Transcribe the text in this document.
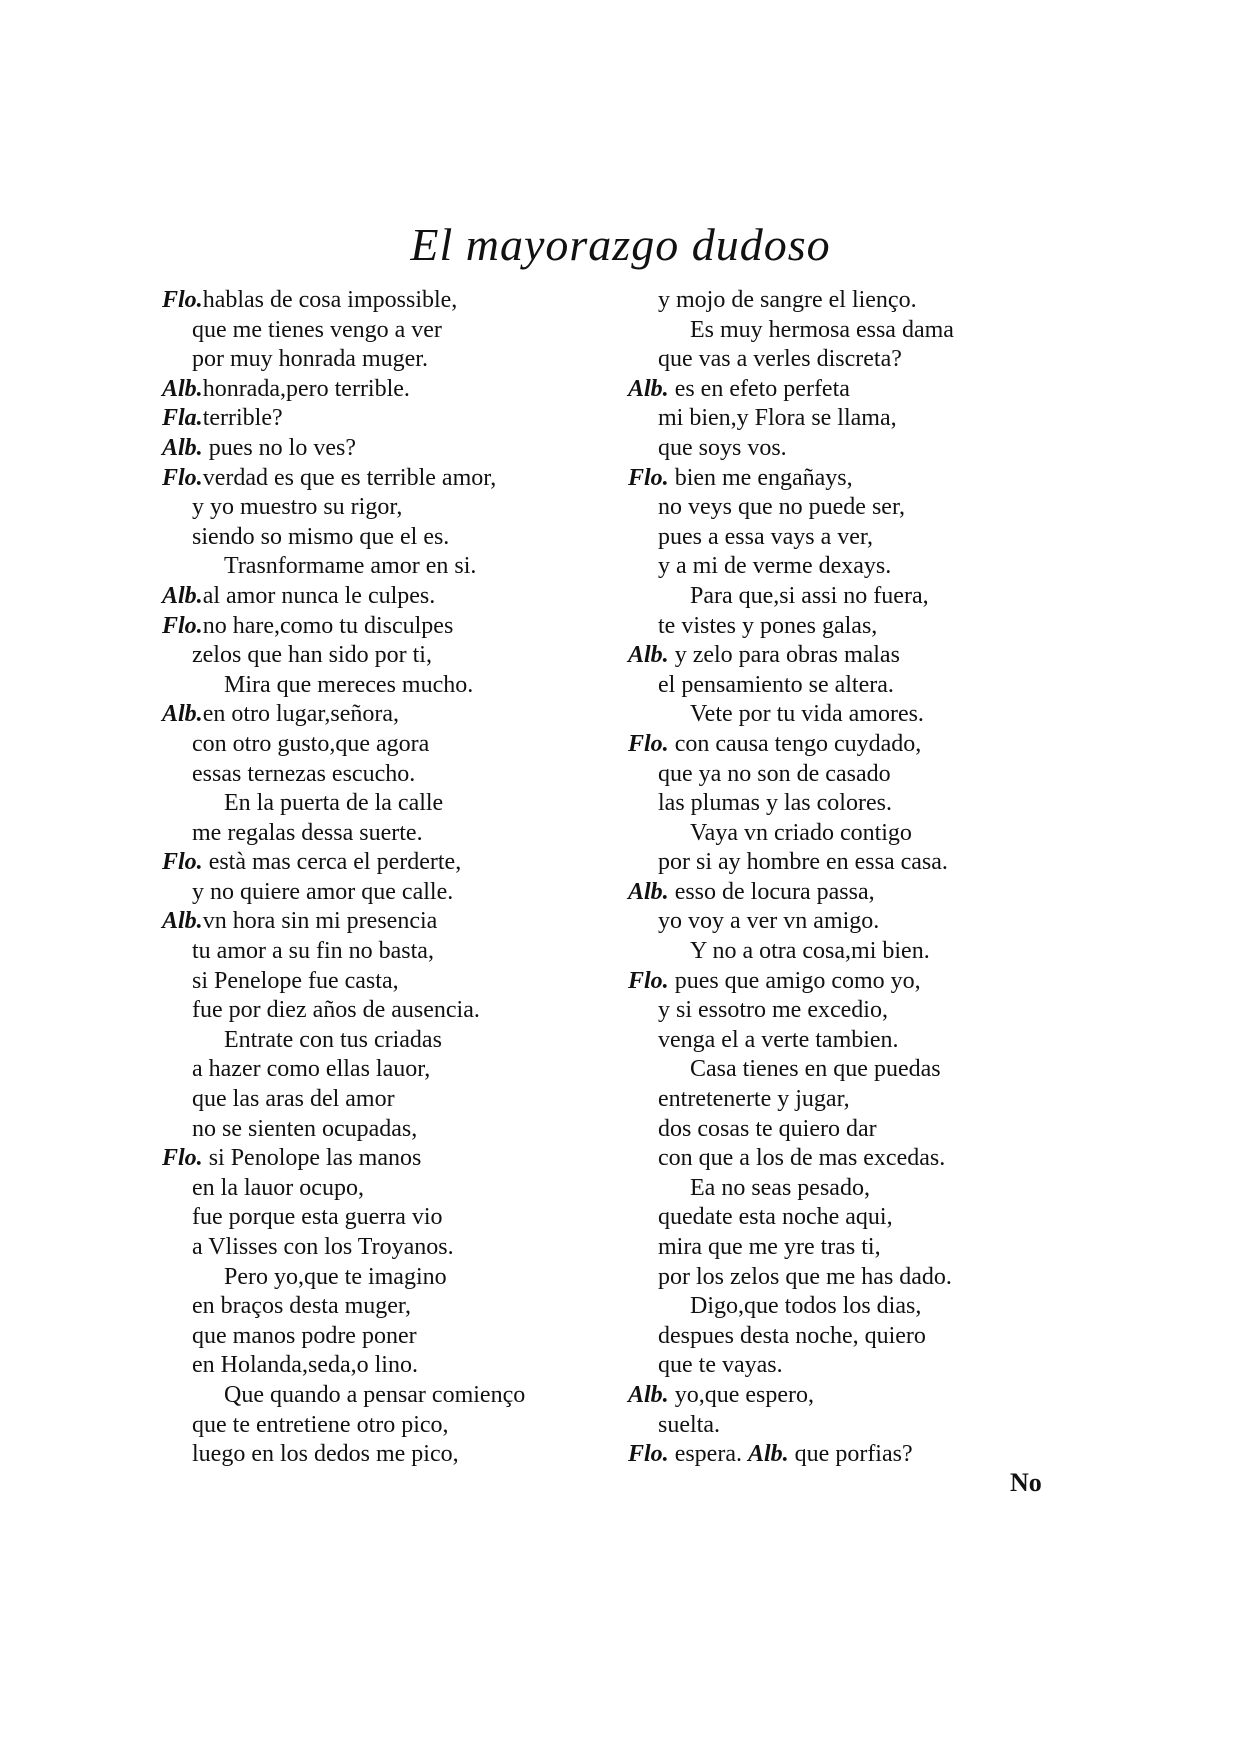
El mayorazgo dudoso
Flo.hablas de cosa impossible,
que me tienes vengo a ver
por muy honrada muger.
Alb.honrada,pero terrible.
Fla.terrible?
Alb. pues no lo ves?
Flo.verdad es que es terrible amor,
y yo muestro su rigor,
siendo so mismo que el es.
Trasnformame amor en si.
Alb.al amor nunca le culpes.
Flo.no hare,como tu disculpes
zelos que han sido por ti,
Mira que mereces mucho.
Alb.en otro lugar,señora,
con otro gusto,que agora
essas ternezas escucho.
En la puerta de la calle
me regalas dessa suerte.
Flo. està mas cerca el perderte,
y no quiere amor que calle.
Alb.vn hora sin mi presencia
tu amor a su fin no basta,
si Penelope fue casta,
fue por diez años de ausencia.
Entrate con tus criadas
a hazer como ellas lauor,
que las aras del amor
no se sienten ocupadas,
Flo. si Penolope las manos
en la lauor ocupo,
fue porque esta guerra vio
a Vlisses con los Troyanos.
Pero yo,que te imagino
en braços desta muger,
que manos podre poner
en Holanda,seda,o lino.
Que quando a pensar comienço
que te entretiene otro pico,
luego en los dedos me pico,
y mojo de sangre el lienço.
Es muy hermosa essa dama
que vas a verles discreta?
Alb. es en efeto perfeta
mi bien,y Flora se llama,
que soys vos.
Flo. bien me engañays,
no veys que no puede ser,
pues a essa vays a ver,
y a mi de verme dexays.
Para que,si assi no fuera,
te vistes y pones galas,
Alb. y zelo para obras malas
el pensamiento se altera.
Vete por tu vida amores.
Flo. con causa tengo cuydado,
que ya no son de casado
las plumas y las colores.
Vaya vn criado contigo
por si ay hombre en essa casa.
Alb. esso de locura passa,
yo voy a ver vn amigo.
Y no a otra cosa,mi bien.
Flo. pues que amigo como yo,
y si essotro me excedio,
venga el a verte tambien.
Casa tienes en que puedas
entretenerte y jugar,
dos cosas te quiero dar
con que a los de mas excedas.
Ea no seas pesado,
quedate esta noche aqui,
mira que me yre tras ti,
por los zelos que me has dado.
Digo,que todos los dias,
despues desta noche, quiero
que te vayas.
Alb. yo,que espero,
suelta.
Flo. espera. Alb. que porfias?
No
